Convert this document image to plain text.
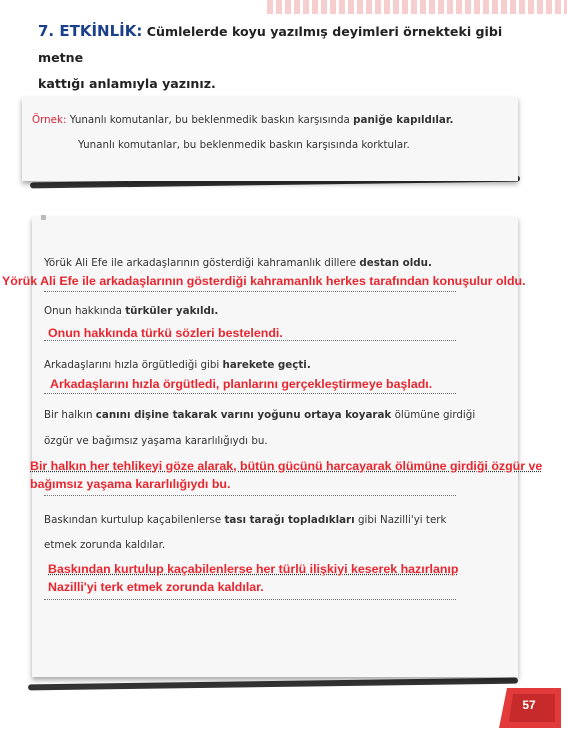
7. ETKİNLİK: Cümlelerde koyu yazılmış deyimleri örnekteki gibi metne
kattığı anlamıyla yazınız.
Örnek: Yunanlı komutanlar, bu beklenmedik baskın karşısında paniğe kapıldılar.
Yunanlı komutanlar, bu beklenmedik baskın karşısında korktular.
▪
Yörük Ali Efe ile arkadaşlarının gösterdiği kahramanlık dillere destan oldu.
Yörük Ali Efe ile arkadaşlarının gösterdiği kahramanlık herkes tarafından konuşulur oldu.
Onun hakkında türküler yakıldı.
Onun hakkında türkü sözleri bestelendi.
Arkadaşlarını hızla örgütlediği gibi harekete geçti.
Arkadaşlarını hızla örgütledi, planlarını gerçekleştirmeye başladı.
Bir halkın canını dişine takarak varını yoğunu ortaya koyarak ölümüne girdiği
özgür ve bağımsız yaşama kararlılığıydı bu.
Bir halkın her tehlikeyi göze alarak, bütün gücünü harcayarak ölümüne girdiği özgür ve
bağımsız yaşama kararlılığıydı bu.
Baskından kurtulup kaçabilenlerse tası tarağı topladıkları gibi Nazilli'yi terk
etmek zorunda kaldılar.
Baskından kurtulup kaçabilenlerse her türlü ilişkiyi keserek hazırlanıp
Nazilli'yi terk etmek zorunda kaldılar.
57
